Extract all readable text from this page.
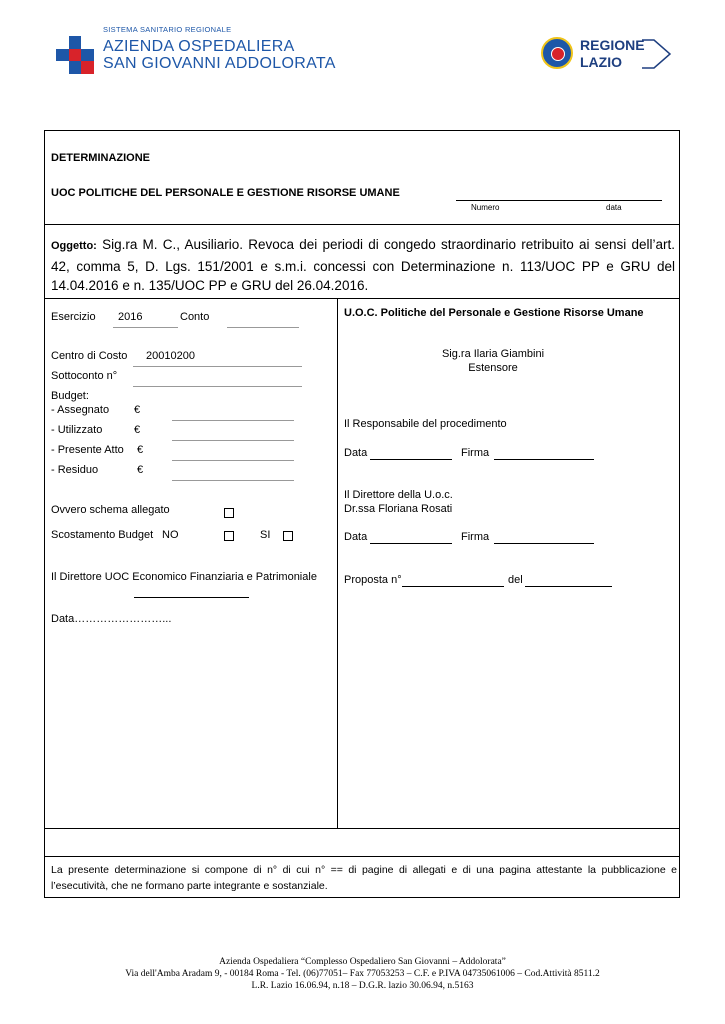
SISTEMA SANITARIO REGIONALE
AZIENDA OSPEDALIERA
SAN GIOVANNI ADDOLORATA
REGIONE
LAZIO
DETERMINAZIONE
UOC POLITICHE DEL PERSONALE E GESTIONE RISORSE UMANE
Numero	data
Oggetto: Sig.ra M. C., Ausiliario. Revoca dei periodi di congedo straordinario retribuito ai sensi dell’art. 42, comma 5, D. Lgs. 151/2001 e s.m.i. concessi con Determinazione n. 113/UOC PP e GRU del 14.04.2016 e n. 135/UOC PP e GRU del 26.04.2016.
Esercizio 2016	Conto
Centro di Costo 20010200
Sottoconto n°
Budget:
- Assegnato €
- Utilizzato	€
- Presente Atto €
- Residuo	€
Ovvero schema allegato
Scostamento Budget NO	SI
Il Direttore UOC Economico Finanziaria e Patrimoniale
Data……………………...
U.O.C. Politiche del Personale e Gestione Risorse Umane
Sig.ra Ilaria Giambini
Estensore
Il Responsabile del procedimento
Data	Firma
Il Direttore della U.o.c.
Dr.ssa Floriana Rosati
Data	Firma
Proposta n°	del
La presente determinazione si compone di n° di cui n° == di pagine di allegati e di una pagina attestante la pubblicazione e l’esecutività, che ne formano parte integrante e sostanziale.
Azienda Ospedaliera “Complesso Ospedaliero San Giovanni – Addolorata”
Via dell'Amba Aradam 9, - 00184 Roma - Tel. (06)77051– Fax 77053253 – C.F. e P.IVA 04735061006 – Cod.Attività 8511.2
L.R. Lazio 16.06.94, n.18 – D.G.R. lazio 30.06.94, n.5163
